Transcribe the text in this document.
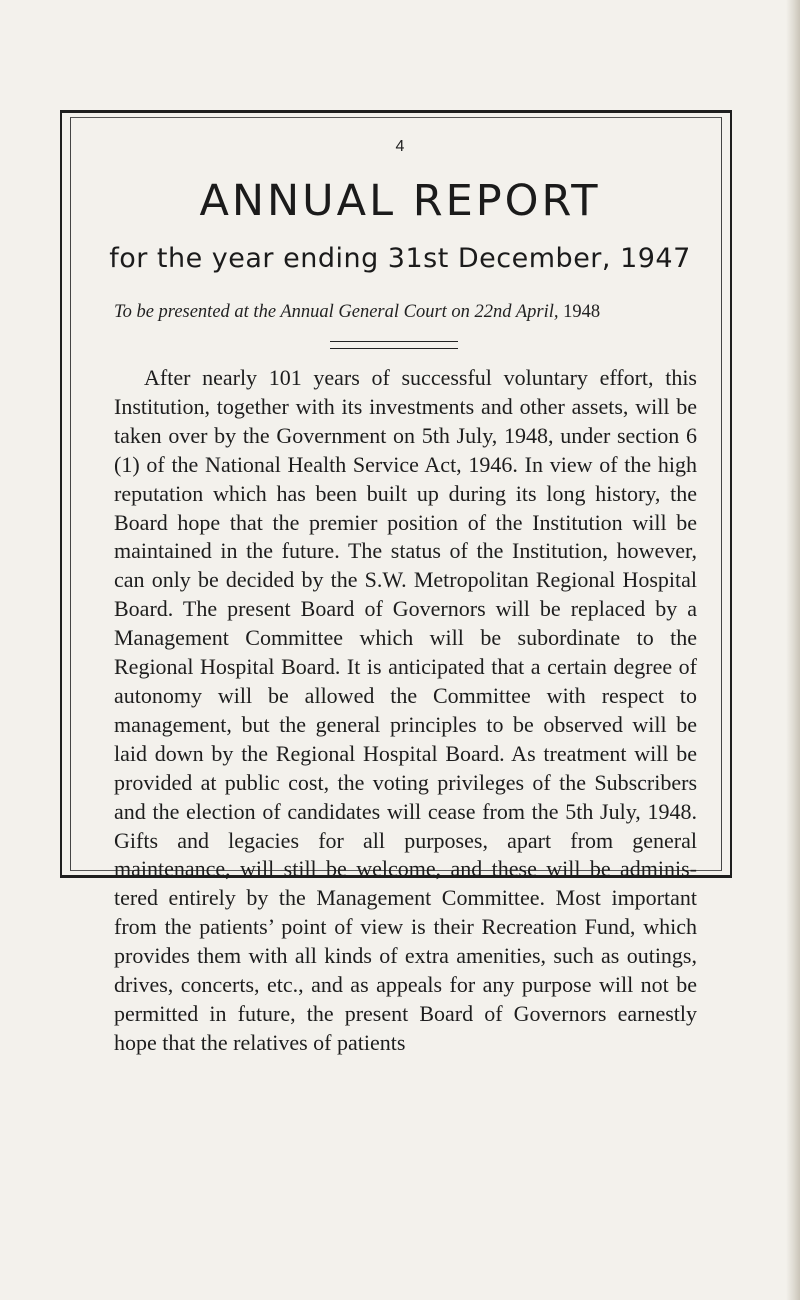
4
ANNUAL REPORT
for the year ending 31st December, 1947
To be presented at the Annual General Court on 22nd April, 1948

After nearly 101 years of successful voluntary effort, this Institution, together with its investments and other assets, will be taken over by the Government on 5th July, 1948, under section 6 (1) of the National Health Service Act, 1946. In view of the high reputation which has been built up during its long history, the Board hope that the premier position of the Institution will be maintained in the future. The status of the Institution, however, can only be decided by the S.W. Metropolitan Regional Hospital Board. The present Board of Governors will be replaced by a Management Committee which will be subordinate to the Regional Hospital Board. It is anticipated that a certain degree of autonomy will be allowed the Committee with respect to management, but the general principles to be observed will be laid down by the Regional Hospital Board. As treatment will be provided at public cost, the voting privileges of the Subscribers and the election of candidates will cease from the 5th July, 1948. Gifts and legacies for all purposes, apart from general maintenance, will still be welcome, and these will be administered entirely by the Management Committee. Most important from the patients’ point of view is their Recreation Fund, which provides them with all kinds of extra amenities, such as outings, drives, concerts, etc., and as appeals for any purpose will not be permitted in future, the present Board of Governors earnestly hope that the relatives of patients
